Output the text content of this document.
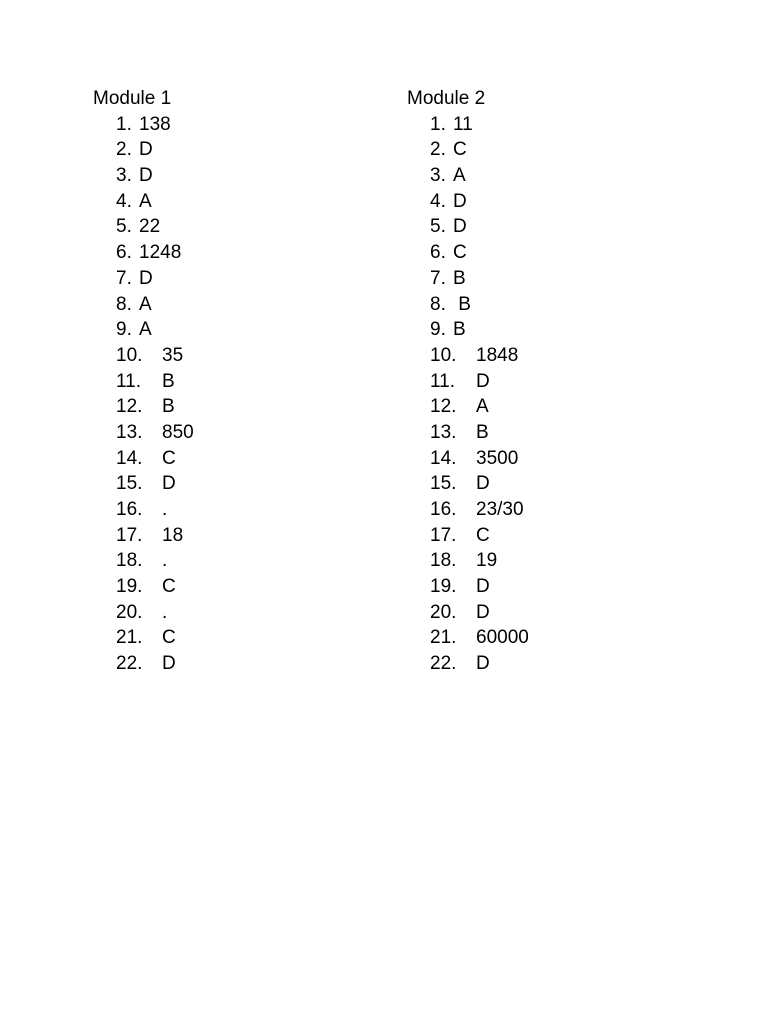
Module 1
1. 138
2. D
3. D
4. A
5. 22
6. 1248
7. D
8. A
9. A
10. 35
11. B
12. B
13. 850
14. C
15. D
16. .
17. 18
18. .
19. C
20. .
21. C
22. D
Module 2
1. 11
2. C
3. A
4. D
5. D
6. C
7. B
8. B
9. B
10. 1848
11. D
12. A
13. B
14. 3500
15. D
16. 23/30
17. C
18. 19
19. D
20. D
21. 60000
22. D
